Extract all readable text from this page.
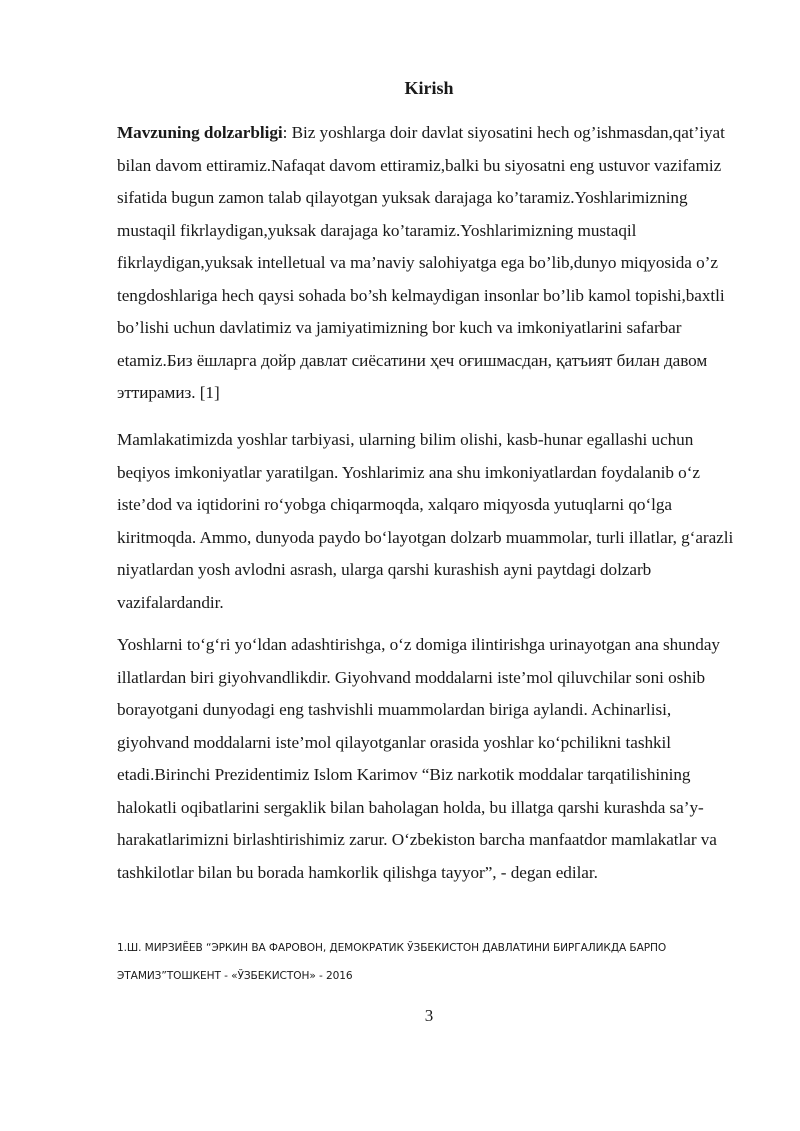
Kirish

Mavzuning dolzarbligi: Biz yoshlarga doir davlat siyosatini hech og’ishmasdan,qat’iyat bilan davom ettiramiz.Nafaqat davom ettiramiz,balki bu siyosatni eng ustuvor vazifamiz sifatida bugun zamon talab qilayotgan yuksak darajaga ko’taramiz.Yoshlarimizning mustaqil fikrlaydigan,yuksak darajaga ko’taramiz.Yoshlarimizning mustaqil fikrlaydigan,yuksak intelletual va ma’naviy salohiyatga ega bo’lib,dunyo miqyosida o’z tengdoshlariga hech qaysi sohada bo’sh kelmaydigan insonlar bo’lib kamol topishi,baxtli bo’lishi uchun davlatimiz va jamiyatimizning bor kuch va imkoniyatlarini safarbar etamiz.Биз ёшларга дойр давлат сиёсатини ҳеч оғишмасдан, қатъият билан давом эттирамиз. [1]

Mamlakatimizda yoshlar tarbiyasi, ularning bilim olishi, kasb-hunar egallashi uchun beqiyos imkoniyatlar yaratilgan. Yoshlarimiz ana shu imkoniyatlardan foydalanib o‘z iste’dod va iqtidorini ro‘yobga chiqarmoqda, xalqaro miqyosda yutuqlarni qo‘lga kiritmoqda. Ammo, dunyoda paydo bo‘layotgan dolzarb muammolar, turli illatlar, g‘arazli niyatlardan yosh avlodni asrash, ularga qarshi kurashish ayni paytdagi dolzarb vazifalardandir.

Yoshlarni to‘g‘ri yo‘ldan adashtirishga, o‘z domiga ilintirishga urinayotgan ana shunday illatlardan biri giyohvandlikdir. Giyohvand moddalarni iste’mol qiluvchilar soni oshib borayotgani dunyodagi eng tashvishli muammolardan biriga aylandi. Achinarlisi, giyohvand moddalarni iste’mol qilayotganlar orasida yoshlar ko‘pchilikni tashkil etadi.Birinchi Prezidentimiz Islom Karimov “Biz narkotik moddalar tarqatilishining halokatli oqibatlarini sergaklik bilan baholagan holda, bu illatga qarshi kurashda sa’y-harakatlarimizni birlashtirishimiz zarur. O‘zbekiston barcha manfaatdor mamlakatlar va tashkilotlar bilan bu borada hamkorlik qilishga tayyor”, - degan edilar.

1.Ш. МИРЗИЁЕВ “ЭРКИН ВА ФАРОВОН, ДЕМОКРАТИК ЎЗБЕКИСТОН ДАВЛАТИНИ БИРГАЛИКДА БАРПО ЭТАМИЗ”ТОШКЕНТ - «ЎЗБЕКИСТОН» - 2016

3
